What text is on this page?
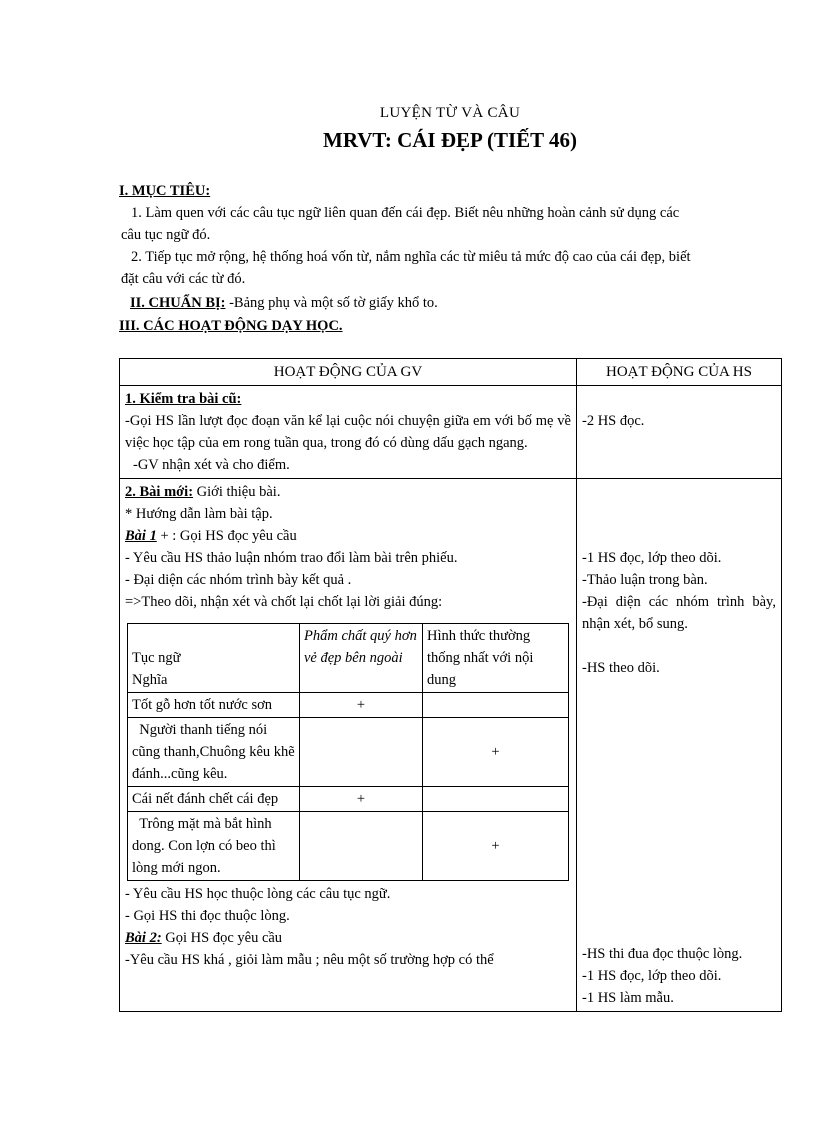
LUYỆN TỪ VÀ CÂU
MRVT: CÁI ĐẸP (TIẾT 46)
I. MỤC TIÊU:
1. Làm quen với các câu tục ngữ liên quan đến cái đẹp. Biết nêu những hoàn cảnh sử dụng các
câu tục ngữ đó.
2. Tiếp tục mở rộng, hệ thống hoá vốn từ, nắm nghĩa các từ miêu tả mức độ cao của cái đẹp, biết
đặt câu với các từ đó.
II. CHUẨN BỊ: -Bảng phụ và một số tờ giấy khổ to.
III. CÁC HOẠT ĐỘNG DẠY HỌC.
HOẠT ĐỘNG CỦA GV	HOẠT ĐỘNG CỦA HS

1. Kiểm tra bài cũ:
-Gọi HS lần lượt đọc đoạn văn kể lại cuộc nói chuyện giữa em với bố mẹ về việc học tập của em rong tuần qua, trong đó có dùng dấu gạch ngang.
-GV nhận xét và cho điểm.

-2 HS đọc.

2. Bài mới: Giới thiệu bài.
* Hướng dẫn làm bài tập.
Bài 1 + : Gọi HS đọc yêu cầu
- Yêu cầu HS thảo luận nhóm trao đổi làm bài trên phiếu.
- Đại diện các nhóm trình bày kết quả .
=>Theo dõi, nhận xét và chốt lại chốt lại lời giải đúng:
Tục ngữ
Nghĩa
	Phẩm chất quý hơn vẻ đẹp bên ngoài	Hình thức thường thống nhất với nội dung
Tốt gỗ hơn tốt nước sơn	+	
Người thanh tiếng nói cũng thanh,Chuông kêu khẽ đánh...cũng kêu.		+
Cái nết đánh chết cái đẹp	+	
Trông mặt mà bắt hình dong. Con lợn có beo thì lòng mới ngon.		+
- Yêu cầu HS học thuộc lòng các câu tục ngữ.
- Gọi HS thi đọc thuộc lòng.
Bài 2: Gọi HS đọc yêu cầu
-Yêu cầu HS khá , giỏi làm mẫu ; nêu một số trường hợp có thể

-1 HS đọc, lớp theo dõi.
-Thảo luận trong bàn.
-Đại diện các nhóm trình bày, nhận xét, bổ sung.
-HS theo dõi.
-HS thi đua đọc thuộc lòng.
-1 HS đọc, lớp theo dõi.
-1 HS làm mẫu.
